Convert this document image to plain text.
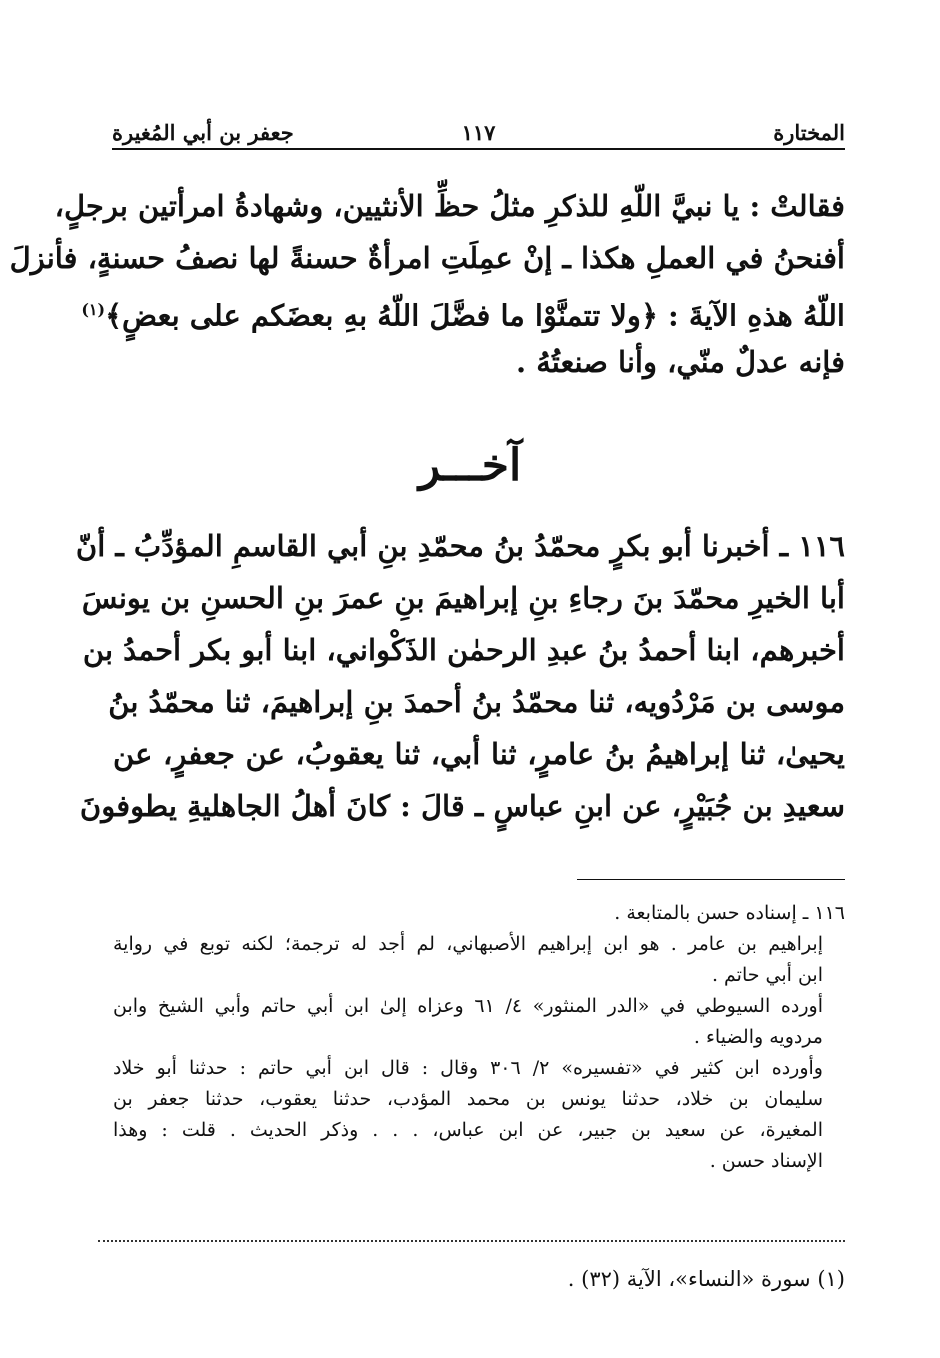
المختارة
١١٧
جعفر بن أبي المُغيرة
فقالتْ : يا نبيَّ اللّهِ للذكرِ مثلُ حظِّ الأنثيين، وشهادةُ امرأتين برجلٍ،
أفنحنُ في العملِ هكذا ـ إنْ عمِلَتِ امرأةٌ حسنةً لها نصفُ حسنةٍ، فأنزلَ
اللّهُ هذهِ الآيةَ : ﴿ولا تتمنَّوْا ما فضَّلَ اللّهُ بهِ بعضَكم على بعضٍ﴾$^{(١)}$
فإنه عدلٌ منّي، وأنا صنعتُهُ .
آخـــر
١١٦ ـ أخبرنا أبو بكرٍ محمّدُ بنُ محمّدِ بنِ أبي القاسمِ المؤدِّبُ ـ أنّ
أبا الخيرِ محمّدَ بنَ رجاءِ بنِ إبراهيمَ بنِ عمرَ بنِ الحسنِ بن يونسَ
أخبرهم، ابنا أحمدُ بنُ عبدِ الرحمٰن الذَكْواني، ابنا أبو بكر أحمدُ بن
موسى بن مَرْدُويه، ثنا محمّدُ بنُ أحمدَ بنِ إبراهيمَ، ثنا محمّدُ بنُ
يحيىٰ، ثنا إبراهيمُ بنُ عامرٍ، ثنا أبي، ثنا يعقوبُ، عن جعفرٍ، عن
سعيدِ بن جُبَيْرٍ، عن ابنِ عباسٍ ـ قالَ : كانَ أهلُ الجاهليةِ يطوفونَ
١١٦ ـ إسناده حسن بالمتابعة .
إبراهيم بن عامر . هو ابن إبراهيم الأصبهاني، لم أجد له ترجمة؛ لكنه توبع في رواية
ابن أبي حاتم .
أورده السيوطي في «الدر المنثور» ٤/ ٦١ وعزاه إلىٰ ابن أبي حاتم وأبي الشيخ وابن
مردويه والضياء .
وأورده ابن كثير في «تفسيره» ٢/ ٣٠٦ وقال : قال ابن أبي حاتم : حدثنا أبو خلاد
سليمان بن خلاد، حدثنا يونس بن محمد المؤدب، حدثنا يعقوب، حدثنا جعفر بن
المغيرة، عن سعيد بن جبير، عن ابن عباس، . . . وذكر الحديث . قلت : وهذا
الإسناد حسن .
(١) سورة «النساء»، الآية (٣٢) .
